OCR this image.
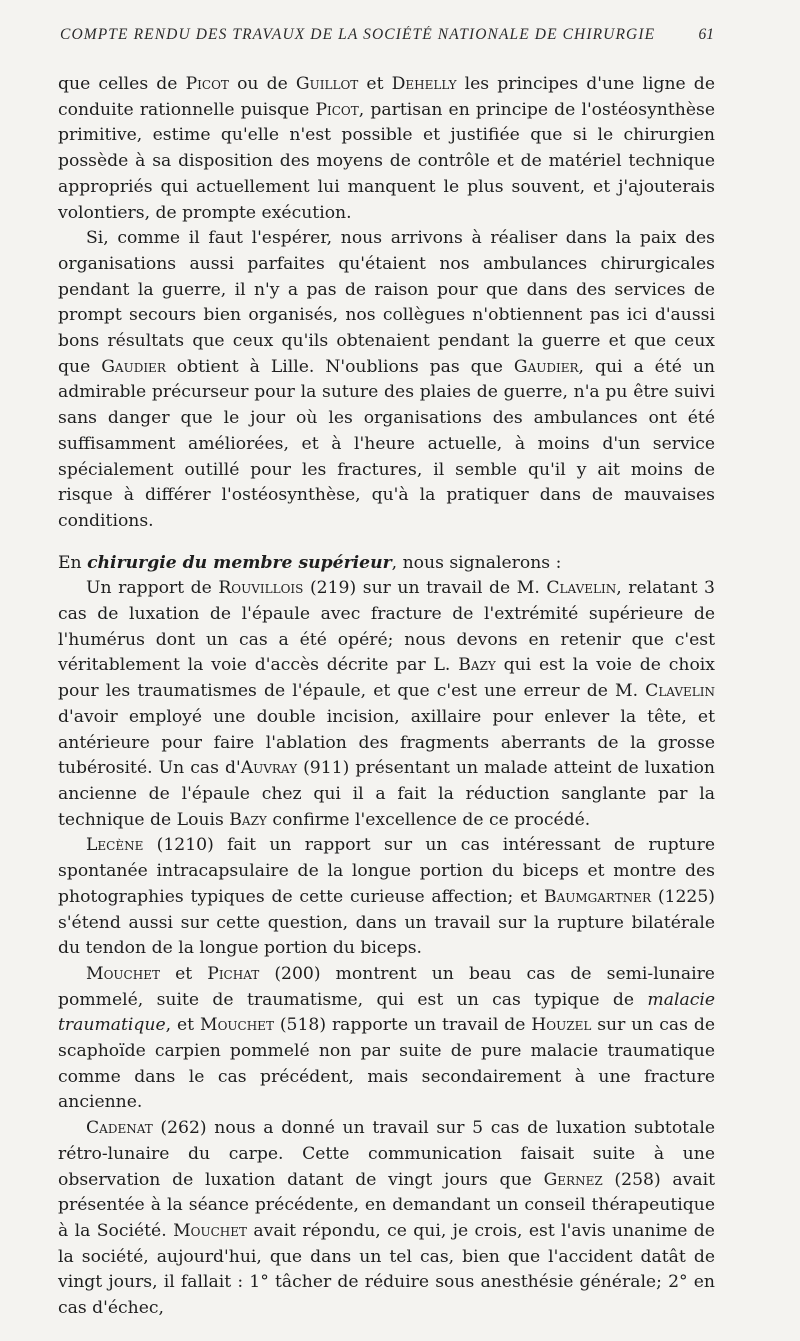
COMPTE RENDU DES TRAVAUX DE LA SOCIÉTÉ NATIONALE DE CHIRURGIE	61

que celles de Picot ou de Guillot et Dehelly les principes d'une ligne de conduite rationnelle puisque Picot, partisan en principe de l'ostéosynthèse primitive, estime qu'elle n'est possible et justifiée que si le chirurgien possède à sa disposition des moyens de contrôle et de matériel technique appropriés qui actuellement lui manquent le plus souvent, et j'ajouterais volontiers, de prompte exécution.

Si, comme il faut l'espérer, nous arrivons à réaliser dans la paix des organisations aussi parfaites qu'étaient nos ambulances chirurgicales pendant la guerre, il n'y a pas de raison pour que dans des services de prompt secours bien organisés, nos collègues n'obtiennent pas ici d'aussi bons résultats que ceux qu'ils obtenaient pendant la guerre et que ceux que Gaudier obtient à Lille. N'oublions pas que Gaudier, qui a été un admirable précurseur pour la suture des plaies de guerre, n'a pu être suivi sans danger que le jour où les organisations des ambulances ont été suffisamment améliorées, et à l'heure actuelle, à moins d'un service spécialement outillé pour les fractures, il semble qu'il y ait moins de risque à différer l'ostéosynthèse, qu'à la pratiquer dans de mauvaises conditions.

En chirurgie du membre supérieur, nous signalerons :

Un rapport de Rouvillois (219) sur un travail de M. Clavelin, relatant 3 cas de luxation de l'épaule avec fracture de l'extrémité supérieure de l'humérus dont un cas a été opéré; nous devons en retenir que c'est véritablement la voie d'accès décrite par L. Bazy qui est la voie de choix pour les traumatismes de l'épaule, et que c'est une erreur de M. Clavelin d'avoir employé une double incision, axillaire pour enlever la tête, et antérieure pour faire l'ablation des fragments aberrants de la grosse tubérosité. Un cas d'Auvray (911) présentant un malade atteint de luxation ancienne de l'épaule chez qui il a fait la réduction sanglante par la technique de Louis Bazy confirme l'excellence de ce procédé.

Lecène (1210) fait un rapport sur un cas intéressant de rupture spontanée intracapsulaire de la longue portion du biceps et montre des photographies typiques de cette curieuse affection; et Baumgartner (1225) s'étend aussi sur cette question, dans un travail sur la rupture bilatérale du tendon de la longue portion du biceps.

Mouchet et Pichat (200) montrent un beau cas de semi-lunaire pommelé, suite de traumatisme, qui est un cas typique de malacie traumatique, et Mouchet (518) rapporte un travail de Houzel sur un cas de scaphoïde carpien pommelé non par suite de pure malacie traumatique comme dans le cas précédent, mais secondairement à une fracture ancienne.

Cadenat (262) nous a donné un travail sur 5 cas de luxation subtotale rétro-lunaire du carpe. Cette communication faisait suite à une observation de luxation datant de vingt jours que Gernez (258) avait présentée à la séance précédente, en demandant un conseil thérapeutique à la Société. Mouchet avait répondu, ce qui, je crois, est l'avis unanime de la société, aujourd'hui, que dans un tel cas, bien que l'accident datât de vingt jours, il fallait : 1° tâcher de réduire sous anesthésie générale; 2° en cas d'échec,
